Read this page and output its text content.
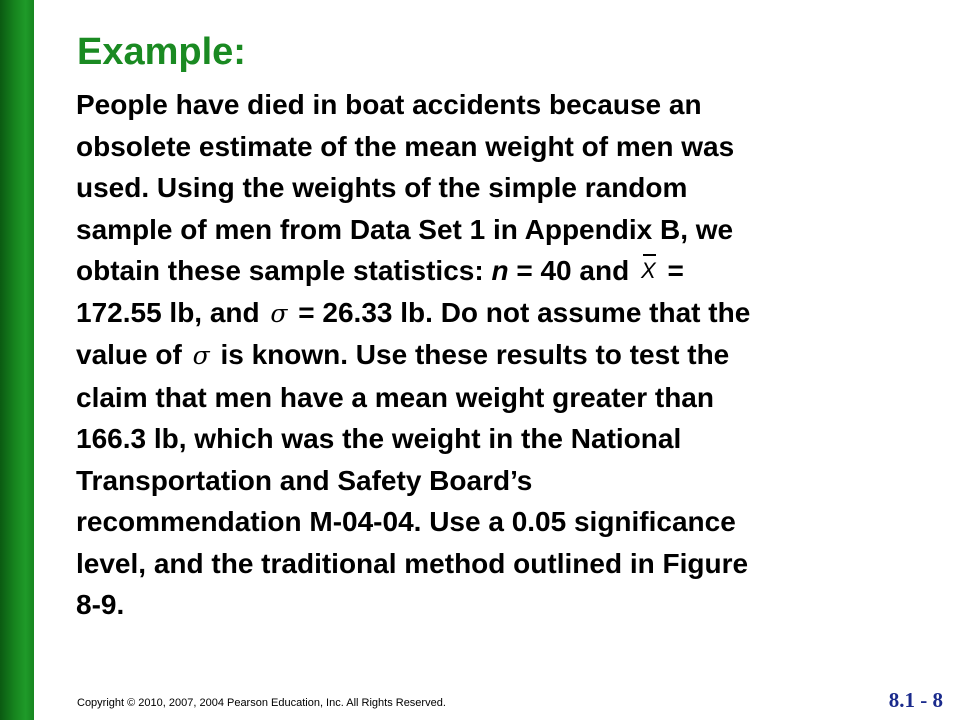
Example:
People have died in boat accidents because an
obsolete estimate of the mean weight of men was
used. Using the weights of the simple random
sample of men from Data Set 1 in Appendix B, we
obtain these sample statistics: n = 40 and
X =
172.55 lb, and σ = 26.33 lb. Do not assume that the
value of σ is known. Use these results to test the
claim that men have a mean weight greater than
166.3 lb, which was the weight in the National
Transportation and Safety Board’s
recommendation M-04-04. Use a 0.05 significance
level, and the traditional method outlined in Figure
8-9.
Copyright © 2010, 2007, 2004 Pearson Education, Inc. All Rights Reserved.	8.1 - 8
